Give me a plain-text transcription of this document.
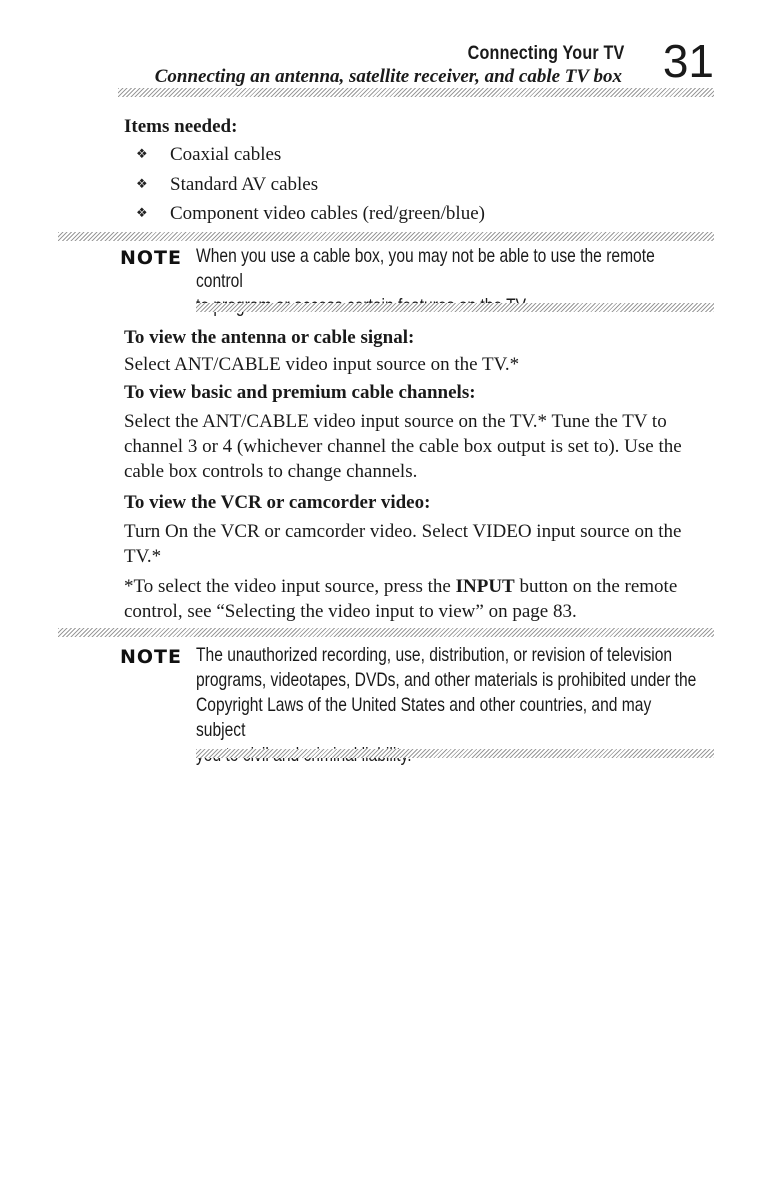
Connecting Your TV
Connecting an antenna, satellite receiver, and cable TV box 31
Items needed:
❖ Coaxial cables
❖ Standard AV cables
❖ Component video cables (red/green/blue)
NOTE When you use a cable box, you may not be able to use the remote control
To view the antenna or cable signal:
Select ANT/CABLE video input source on the TV.*
To view basic and premium cable channels:
Select the ANT/CABLE video input source on the TV.* Tune the TV to
channel 3 or 4 (whichever channel the cable box output is set to). Use the
cable box controls to change channels.
To view the VCR or camcorder video:
Turn On the VCR or camcorder video. Select VIDEO input source on the
TV.*
*To select the video input source, press the INPUT button on the remote
control, see “Selecting the video input to view” on page 83.
NOTE The unauthorized recording, use, distribution, or revision of television
programs, videotapes, DVDs, and other materials is prohibited under the
Copyright Laws of the United States and other countries, and may subject
